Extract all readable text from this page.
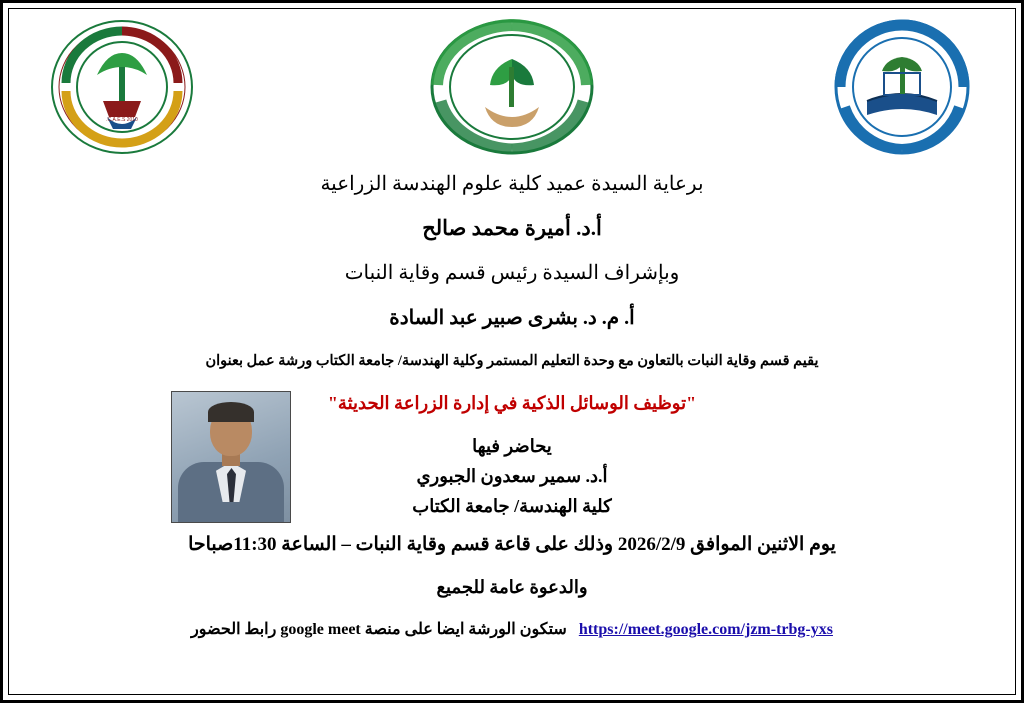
1952 C.A.
2010 C.A.E.S.

برعاية السيدة عميد كلية علوم الهندسة الزراعية

أ.د. أميرة محمد صالح

وبإشراف السيدة رئيس قسم وقاية النبات

أ. م. د. بشرى صبير عبد السادة

يقيم قسم وقاية النبات بالتعاون مع وحدة التعليم المستمر وكلية الهندسة/ جامعة الكتاب ورشة عمل بعنوان

"توظيف الوسائل الذكية في إدارة الزراعة الحديثة"

يحاضر فيها

أ.د. سمير سعدون الجبوري

كلية الهندسة/ جامعة الكتاب

يوم الاثنين الموافق 2026/2/9 وذلك على قاعة قسم وقاية النبات – الساعة 11:30صباحا

والدعوة عامة للجميع

https://meet.google.com/jzm-trbg-yxs ستكون الورشة ايضا على منصة google meet رابط الحضور
